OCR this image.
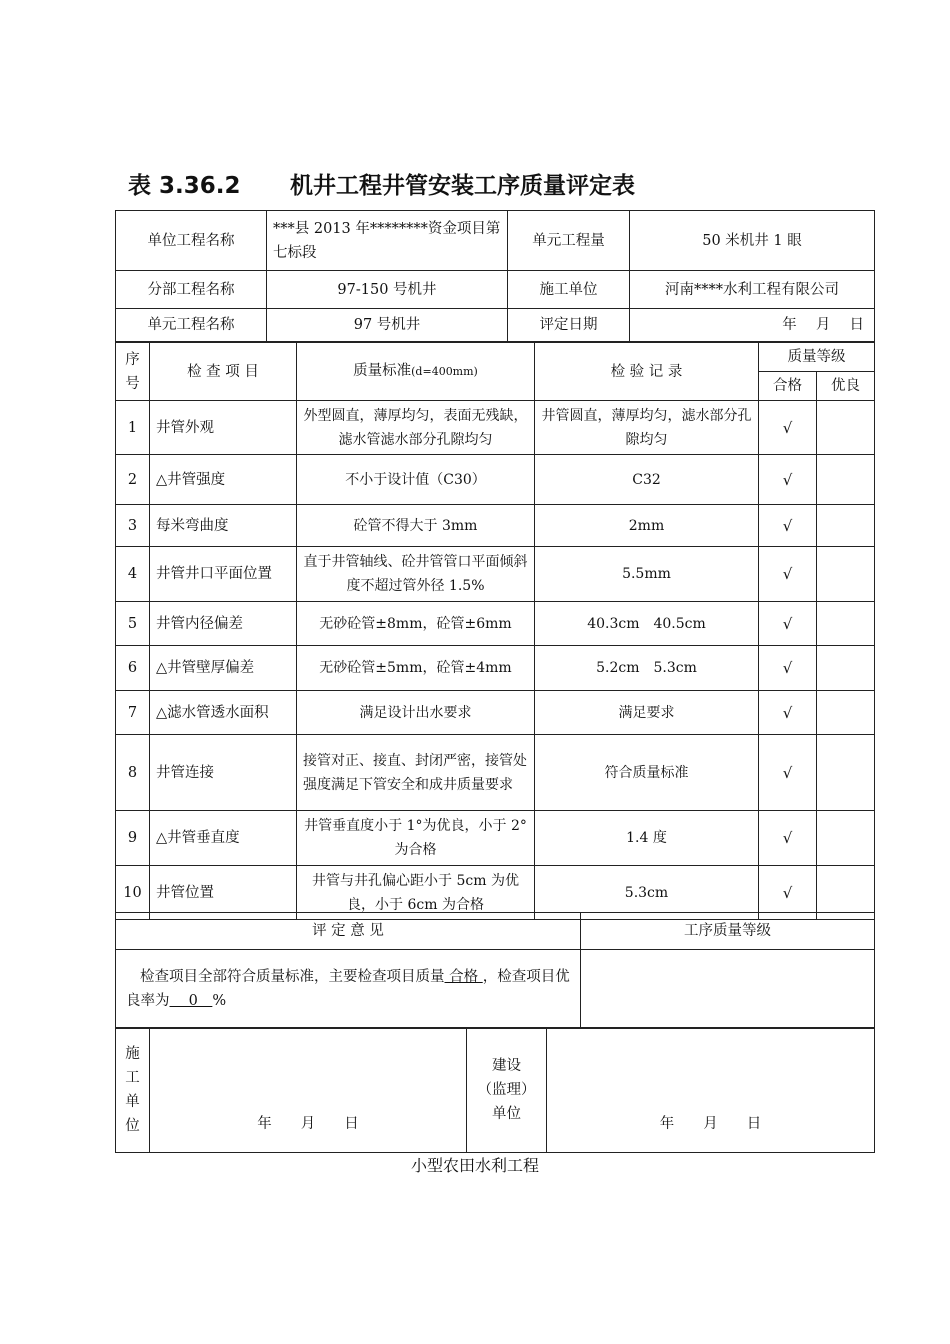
表 3.36.2 机井工程井管安装工序质量评定表
单位工程名称	***县 2013 年********资金项目第七标段	单元工程量	50 米机井 1 眼
分部工程名称	97-150 号机井	施工单位	河南****水利工程有限公司
单元工程名称	97 号机井	评定日期	年　 月　 日
序号	检 查 项 目	质量标准(d=400mm)	检 验 记 录	质量等级	
				合格	优良
1	井管外观	外型圆直，薄厚均匀，表面无残缺，滤水管滤水部分孔隙均匀	井管圆直，薄厚均匀，滤水部分孔隙均匀	√	
2	△井管强度	不小于设计值（C30）	C32	√	
3	每米弯曲度	砼管不得大于 3mm	2mm	√	
4	井管井口平面位置	直于井管轴线、砼井管管口平面倾斜度不超过管外径 1.5%	5.5mm	√	
5	井管内径偏差	无砂砼管±8mm，砼管±6mm	40.3cm　40.5cm	√	
6	△井管壁厚偏差	无砂砼管±5mm，砼管±4mm	5.2cm　5.3cm	√	
7	△滤水管透水面积	满足设计出水要求	满足要求	√	
8	井管连接	接管对正、接直、封闭严密，接管处强度满足下管安全和成井质量要求	符合质量标准	√	
9	△井管垂直度	井管垂直度小于 1°为优良，小于 2°为合格	1.4 度	√	
10	井管位置	井管与井孔偏心距小于 5cm 为优良，小于 6cm 为合格	5.3cm	√	
评 定 意 见	工序质量等级
检查项目全部符合质量标准，主要检查项目质量 合格 ，检查项目优良率为　 0　%	
施工单位	年　　月　　日	
建设
（监理）
单位
	年　　月　　日
小型农田水利工程
